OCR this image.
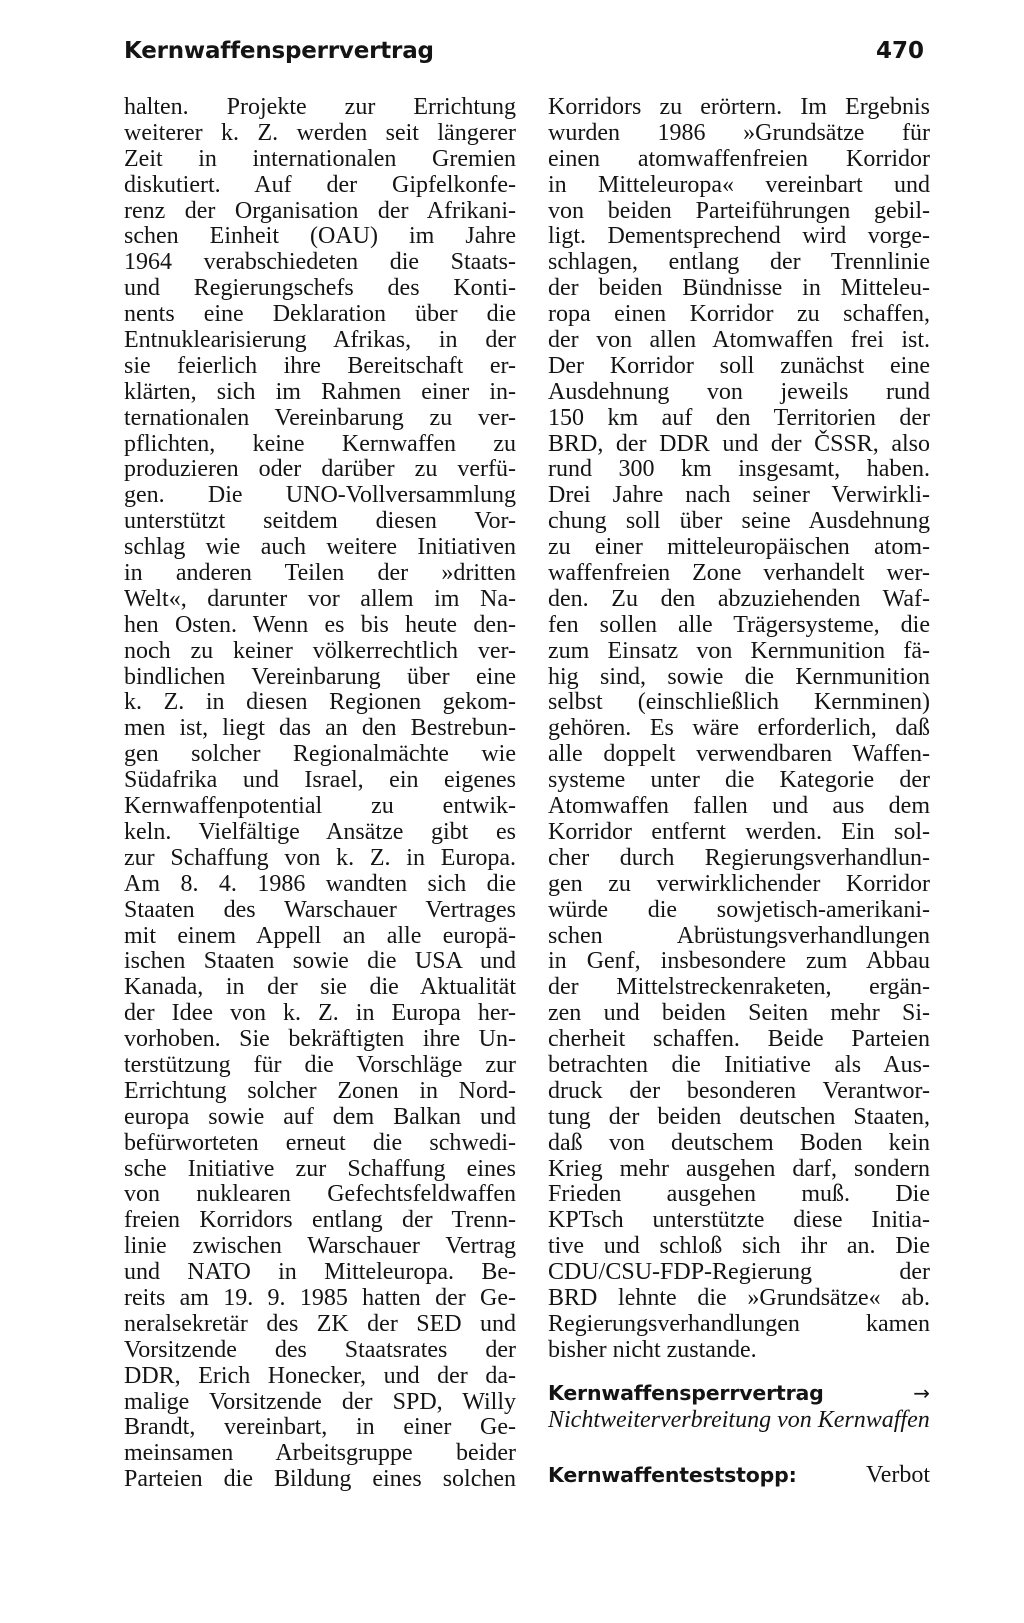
Kernwaffensperrvertrag	470
halten. Projekte zur Errichtung
weiterer k. Z. werden seit längerer
Zeit in internationalen Gremien
diskutiert. Auf der Gipfelkonfe-
renz der Organisation der Afrikani-
schen Einheit (OAU) im Jahre
1964 verabschiedeten die Staats-
und Regierungschefs des Konti-
nents eine Deklaration über die
Entnuklearisierung Afrikas, in der
sie feierlich ihre Bereitschaft er-
klärten, sich im Rahmen einer in-
ternationalen Vereinbarung zu ver-
pflichten, keine Kernwaffen zu
produzieren oder darüber zu verfü-
gen. Die UNO-Vollversammlung
unterstützt seitdem diesen Vor-
schlag wie auch weitere Initiativen
in anderen Teilen der »dritten
Welt«, darunter vor allem im Na-
hen Osten. Wenn es bis heute den-
noch zu keiner völkerrechtlich ver-
bindlichen Vereinbarung über eine
k. Z. in diesen Regionen gekom-
men ist, liegt das an den Bestrebun-
gen solcher Regionalmächte wie
Südafrika und Israel, ein eigenes
Kernwaffenpotential zu entwik-
keln. Vielfältige Ansätze gibt es
zur Schaffung von k. Z. in Europa.
Am 8. 4. 1986 wandten sich die
Staaten des Warschauer Vertrages
mit einem Appell an alle europä-
ischen Staaten sowie die USA und
Kanada, in der sie die Aktualität
der Idee von k. Z. in Europa her-
vorhoben. Sie bekräftigten ihre Un-
terstützung für die Vorschläge zur
Errichtung solcher Zonen in Nord-
europa sowie auf dem Balkan und
befürworteten erneut die schwedi-
sche Initiative zur Schaffung eines
von nuklearen Gefechtsfeldwaffen
freien Korridors entlang der Trenn-
linie zwischen Warschauer Vertrag
und NATO in Mitteleuropa. Be-
reits am 19. 9. 1985 hatten der Ge-
neralsekretär des ZK der SED und
Vorsitzende des Staatsrates der
DDR, Erich Honecker, und der da-
malige Vorsitzende der SPD, Willy
Brandt, vereinbart, in einer Ge-
meinsamen Arbeitsgruppe beider
Parteien die Bildung eines solchen
Korridors zu erörtern. Im Ergebnis
wurden 1986 »Grundsätze für
einen atomwaffenfreien Korridor
in Mitteleuropa« vereinbart und
von beiden Parteiführungen gebil-
ligt. Dementsprechend wird vorge-
schlagen, entlang der Trennlinie
der beiden Bündnisse in Mitteleu-
ropa einen Korridor zu schaffen,
der von allen Atomwaffen frei ist.
Der Korridor soll zunächst eine
Ausdehnung von jeweils rund
150 km auf den Territorien der
BRD, der DDR und der ČSSR, also
rund 300 km insgesamt, haben.
Drei Jahre nach seiner Verwirkli-
chung soll über seine Ausdehnung
zu einer mitteleuropäischen atom-
waffenfreien Zone verhandelt wer-
den. Zu den abzuziehenden Waf-
fen sollen alle Trägersysteme, die
zum Einsatz von Kernmunition fä-
hig sind, sowie die Kernmunition
selbst (einschließlich Kernminen)
gehören. Es wäre erforderlich, daß
alle doppelt verwendbaren Waffen-
systeme unter die Kategorie der
Atomwaffen fallen und aus dem
Korridor entfernt werden. Ein sol-
cher durch Regierungsverhandlun-
gen zu verwirklichender Korridor
würde die sowjetisch-amerikani-
schen Abrüstungsverhandlungen
in Genf, insbesondere zum Abbau
der Mittelstreckenraketen, ergän-
zen und beiden Seiten mehr Si-
cherheit schaffen. Beide Parteien
betrachten die Initiative als Aus-
druck der besonderen Verantwor-
tung der beiden deutschen Staaten,
daß von deutschem Boden kein
Krieg mehr ausgehen darf, sondern
Frieden ausgehen muß. Die
KPTsch unterstützte diese Initia-
tive und schloß sich ihr an. Die
CDU/CSU-FDP-Regierung der
BRD lehnte die »Grundsätze« ab.
Regierungsverhandlungen kamen
bisher nicht zustande.
Kernwaffensperrvertrag	→
Nichtweiterverbreitung von Kernwaffen
Kernwaffenteststopp:	Verbot
